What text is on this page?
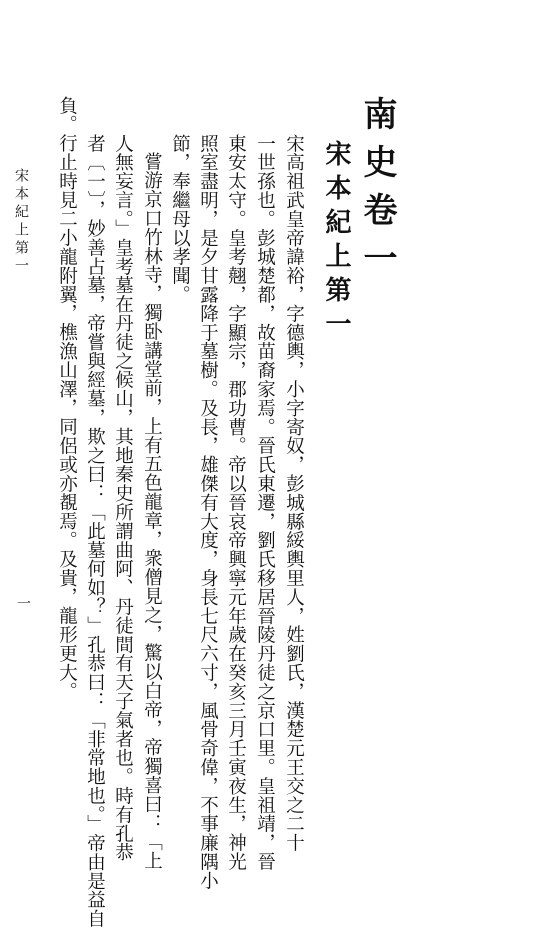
南史卷一
宋本紀上第一
宋高祖武皇帝諱裕，字德輿，小字寄奴，彭城縣綏輿里人，姓劉氏，漢楚元王交之二十
一世孫也。彭城楚都，故苗裔家焉。晉氏東遷，劉氏移居晉陵丹徒之京口里。皇祖靖，晉
東安太守。皇考翹，字顯宗，郡功曹。帝以晉哀帝興寧元年歲在癸亥三月壬寅夜生，神光
照室盡明，是夕甘露降于墓樹。及長，雄傑有大度，身長七尺六寸，風骨奇偉，不事廉隅小
節，奉繼母以孝聞。
嘗游京口竹林寺，獨卧講堂前，上有五色龍章，衆僧見之，驚以白帝，帝獨喜曰：「上
人無妄言。」皇考墓在丹徒之候山，其地秦史所謂曲阿、丹徒間有天子氣者也。時有孔恭
者〔一〕，妙善占墓，帝嘗與經墓，欺之曰：「此墓何如？」孔恭曰：「非常地也。」帝由是益自
負。行止時見二小龍附翼，樵漁山澤，同侶或亦覩焉。及貴，龍形更大。
宋本紀上第一
一
